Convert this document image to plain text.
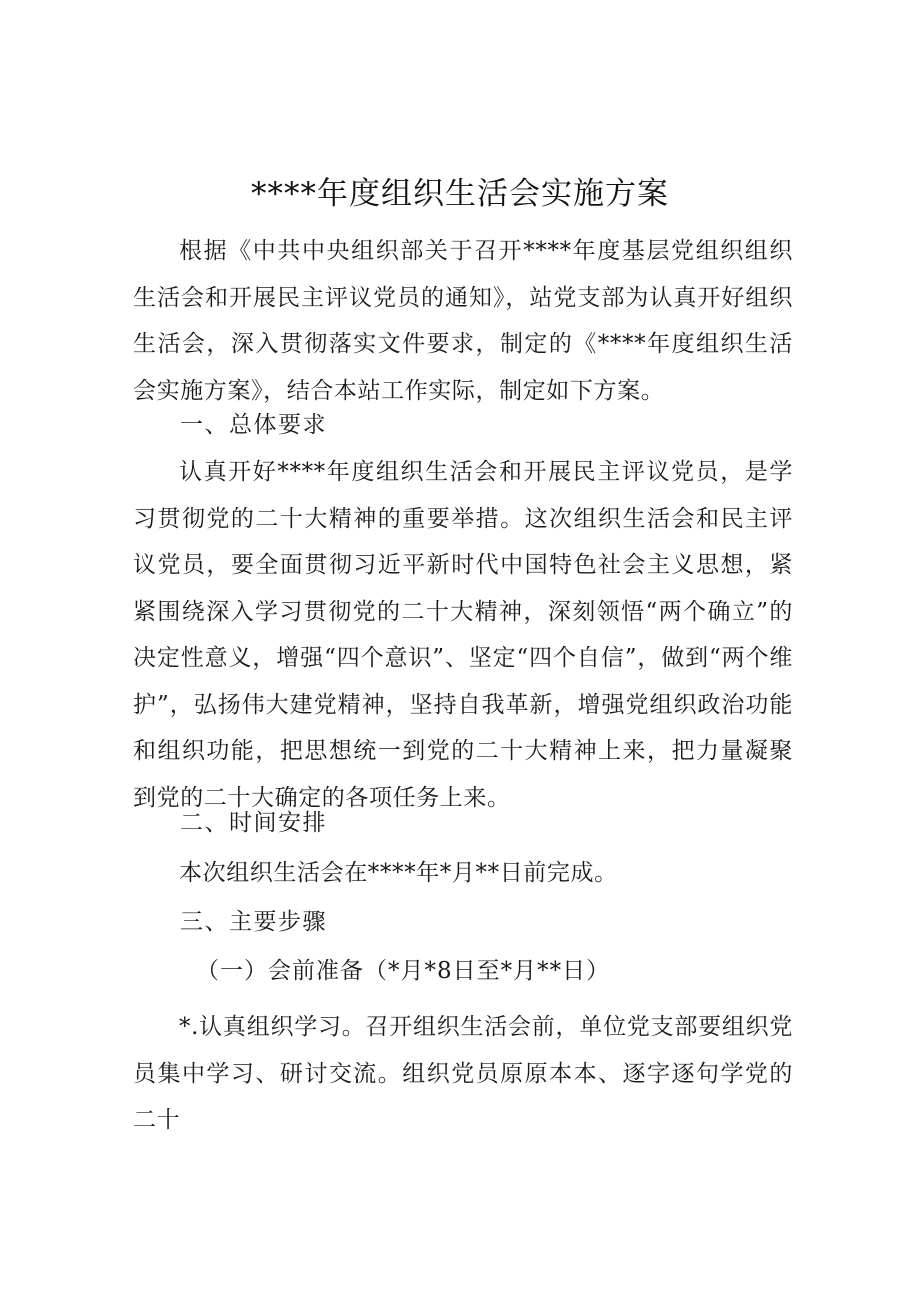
****年度组织生活会实施方案

根据《中共中央组织部关于召开****年度基层党组织组织生活会和开展民主评议党员的通知》，站党支部为认真开好组织生活会，深入贯彻落实文件要求，制定的《****年度组织生活会实施方案》，结合本站工作实际，制定如下方案。

一、总体要求

认真开好****年度组织生活会和开展民主评议党员，是学习贯彻党的二十大精神的重要举措。这次组织生活会和民主评议党员，要全面贯彻习近平新时代中国特色社会主义思想，紧紧围绕深入学习贯彻党的二十大精神，深刻领悟“两个确立”的决定性意义，增强“四个意识”、坚定“四个自信”，做到“两个维护”，弘扬伟大建党精神，坚持自我革新，增强党组织政治功能和组织功能，把思想统一到党的二十大精神上来，把力量凝聚到党的二十大确定的各项任务上来。

二、时间安排

本次组织生活会在****年*月**日前完成。

三、主要步骤

（一）会前准备（*月*8日至*月**日）

*.认真组织学习。召开组织生活会前，单位党支部要组织党员集中学习、研讨交流。组织党员原原本本、逐字逐句学党的二十
